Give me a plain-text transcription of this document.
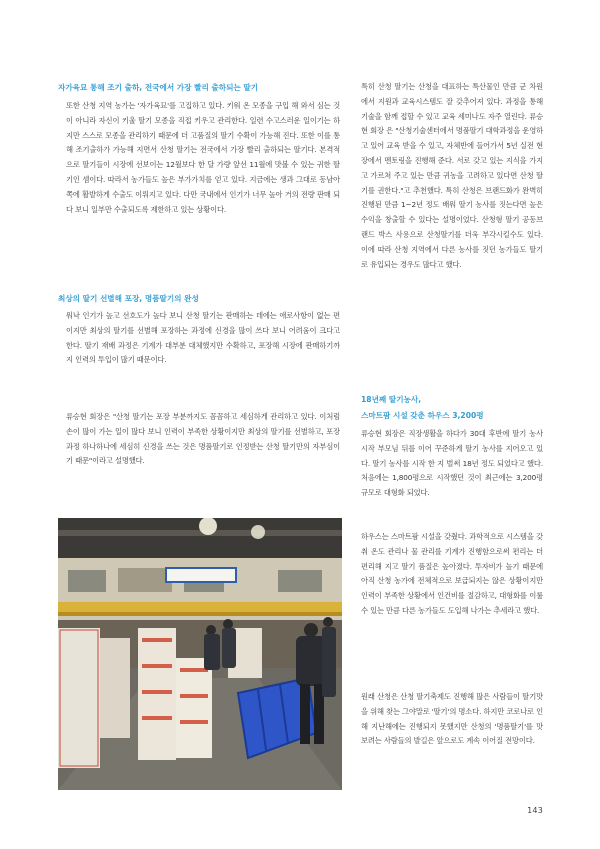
자가육묘 통해 조기 출하, 전국에서 가장 빨리 출하되는 딸기

또한 산청 지역 농가는 '자가육묘'를 고집하고 있다. 키워 온 모종을 구입 해 와서 심는 것이 아니라 자신이 키울 딸기 모종을 직접 키우고 관리한다. 일련 수고스러운 일이기는 하지만 스스로 모종을 관리하기 때문에 더 고품질의 딸기 수확이 가능해 진다. 또한 이를 통해 조기출하가 가능해 지면서 산청 딸기는 전국에서 가장 빨리 출하되는 딸기다. 본격적으로 딸기들이 시장에 선보이는 12월보다 한 달 가량 앞선 11월에 맛볼 수 있는 귀한 딸기인 셈이다. 따라서 농가들도 높은 부가가치를 얻고 있다. 지금에는 생과 그대로 동남아 쪽에 활발하게 수출도 이뤄지고 있다. 다만 국내에서 인기가 너무 높아 거의 전량 판매 되다 보니 일부만 수출되도록 제한하고 있는 상황이다.

최상의 딸기 선별해 포장, 명품딸기의 완성

워낙 인기가 높고 선호도가 높다 보니 산청 딸기는 판매하는 데에는 애로사항이 없는 편이지만 최상의 딸기를 선별해 포장하는 과정에 신경을 많이 쓰다 보니 어려움이 크다고 한다. 딸기 재배 과정은 기계가 대부분 대체했지만 수확하고, 포장해 시장에 판매하기까지 인력의 투입이 많기 때문이다.

류승현 회장은 "산청 딸기는 포장 부분까지도 꼼꼼하고 세심하게 관리하고 있다. 이처럼 손이 많이 가는 일이 많다 보니 인력이 부족한 상황이지만 최상의 딸기를 선별하고, 포장 과정 하나하나에 세심히 신경을 쓰는 것은 명품딸기로 인정받는 산청 딸기만의 자부심이기 때문"이라고 설명했다.

특히 산청 딸기는 산청을 대표하는 특산물인 만큼 군 차원에서 지원과 교육시스템도 잘 갖추어져 있다. 과정을 통해 기술을 함께 접할 수 있고 교육 세미나도 자주 열린다. 류승현 회장 은 "산청기술센터에서 명품딸기 대학과정을 운영하고 있어 교육 받을 수 있고, 자체반에 들어가서 5년 실전 현장에서 멘토링을 진행해 준다. 서로 갖고 있는 지식을 가지고 가르쳐 주고 있는 만큼 귀농을 고려하고 있다면 산청 딸기를 권한다."고 추천했다. 특히 산청은 브랜드화가 완벽히 진행된 만큼 1~2년 정도 배워 딸기 농사를 짓는다면 높은 수익을 창출할 수 있다는 설명이었다. 산청형 딸기 공동브랜드 박스 사용으로 산청딸기를 더욱 부각시킬수도 있다. 이에 따라 산청 지역에서 다른 농사를 짓던 농가들도 딸기로 유입되는 경우도 많다고 했다.

18년째 딸기농사,
스마트팜 시설 갖춘 하우스 3,200평

류승현 회장은 직장생활을 하다가 30대 후반에 딸기 농사 시작 부모님 뒤를 이어 꾸준하게 딸기 농사를 지어오고 있다. 딸기 농사를 시작 한 지 벌써 18년 정도 되었다고 했다. 처음에는 1,800평으로 시작했던 것이 최근에는 3,200평 규모로 대형화 되었다.

하우스는 스마트팜 시설을 갖췄다. 과학적으로 시스템을 갖춰 온도 관리나 물 관리를 기계가 진행함으로써 편리는 더 편리해 지고 딸기 품질은 높아졌다. 투자비가 높기 때문에 아직 산청 농가에 전체적으로 보급되지는 않은 상황이지만 인력이 부족한 상황에서 인건비를 절감하고, 대형화를 이룰 수 있는 만큼 다른 농가들도 도입해 나가는 추세라고 했다.

원래 산청은 산청 딸기축제도 진행해 많은 사람들이 딸기맛을 위해 찾는 그야말로 '딸기'의 명소다. 하지만 코로나로 인해 지난해에는 진행되지 못했지만 산청의 '명품딸기'를 맛보려는 사람들의 발길은 앞으로도 계속 이어질 전망이다.

143
